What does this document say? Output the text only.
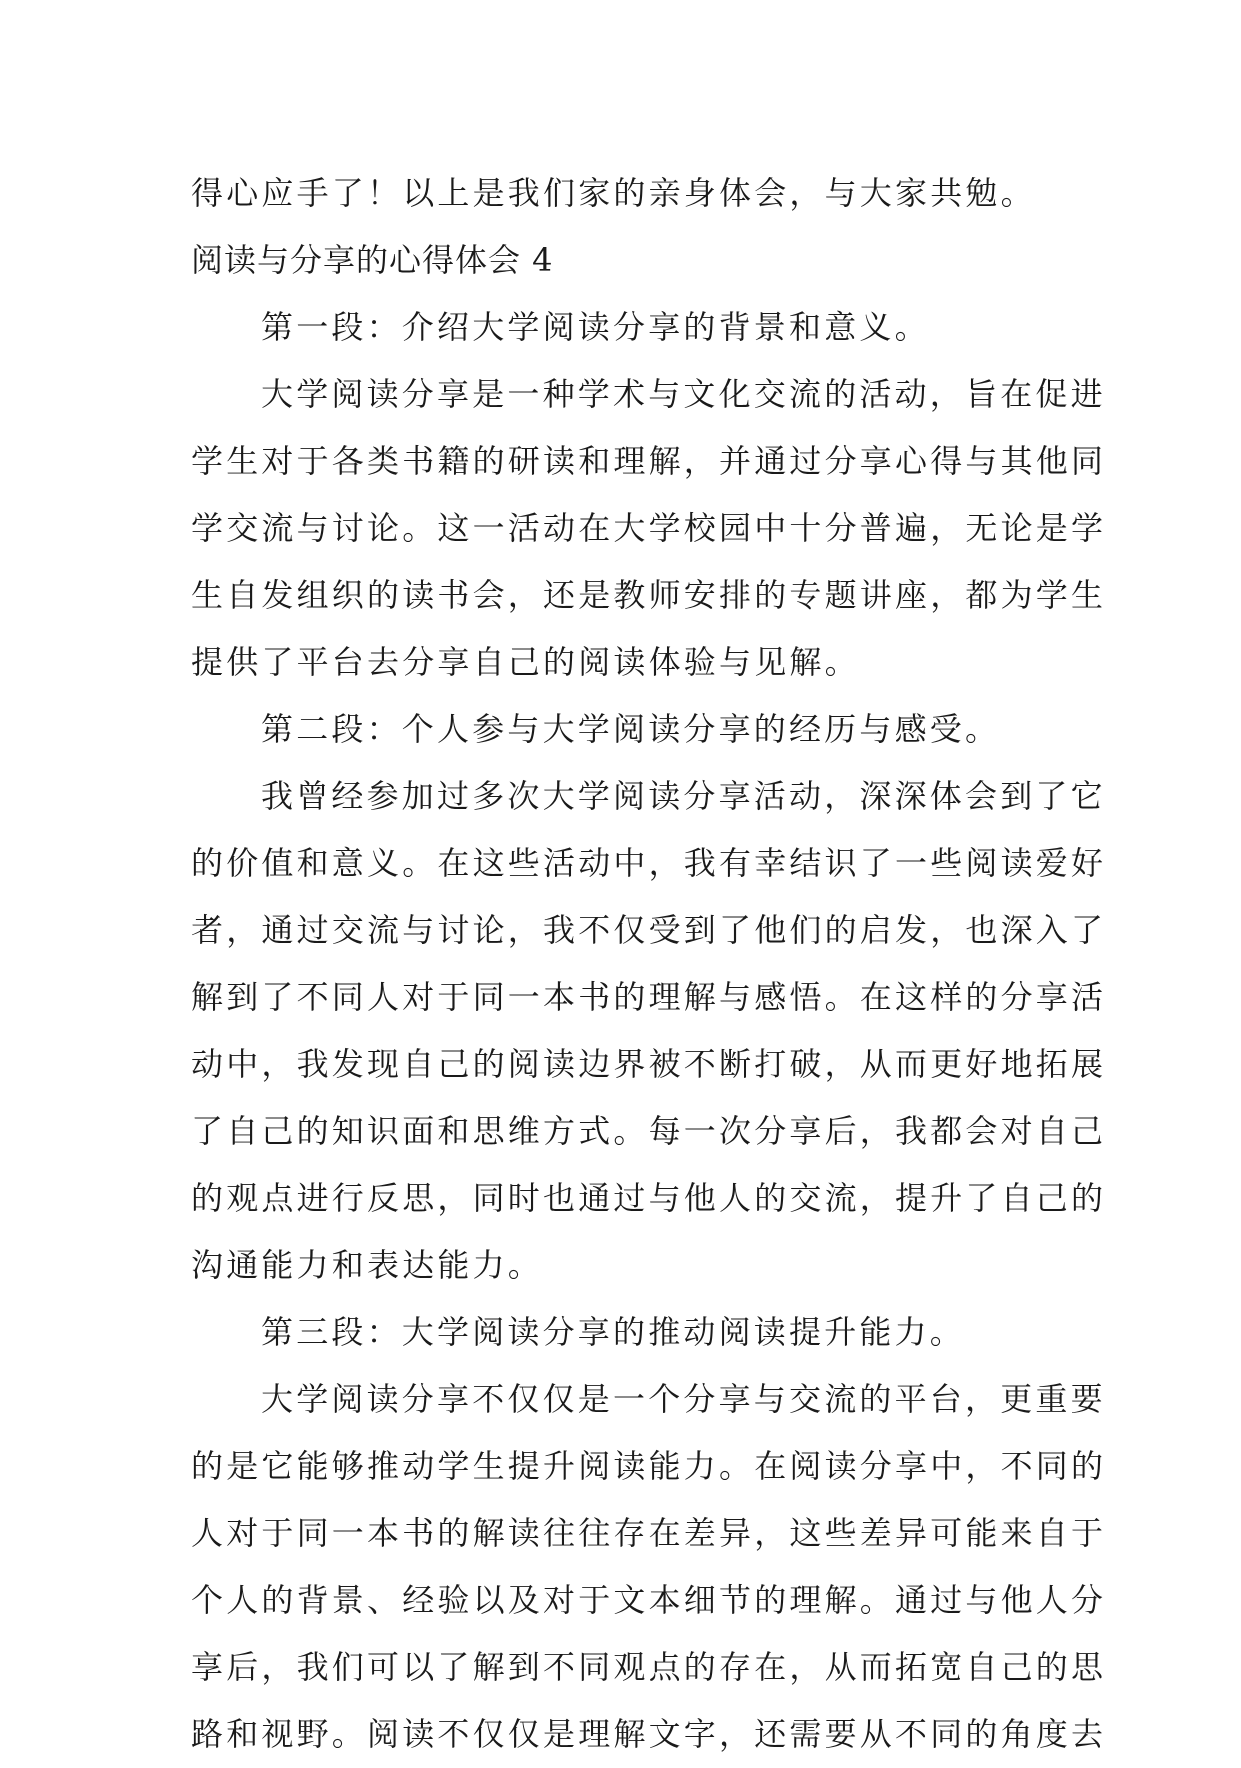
得心应手了！以上是我们家的亲身体会，与大家共勉。
阅读与分享的心得体会 4
第一段：介绍大学阅读分享的背景和意义。
大学阅读分享是一种学术与文化交流的活动，旨在促进
学生对于各类书籍的研读和理解，并通过分享心得与其他同
学交流与讨论。这一活动在大学校园中十分普遍，无论是学
生自发组织的读书会，还是教师安排的专题讲座，都为学生
提供了平台去分享自己的阅读体验与见解。
第二段：个人参与大学阅读分享的经历与感受。
我曾经参加过多次大学阅读分享活动，深深体会到了它
的价值和意义。在这些活动中，我有幸结识了一些阅读爱好
者，通过交流与讨论，我不仅受到了他们的启发，也深入了
解到了不同人对于同一本书的理解与感悟。在这样的分享活
动中，我发现自己的阅读边界被不断打破，从而更好地拓展
了自己的知识面和思维方式。每一次分享后，我都会对自己
的观点进行反思，同时也通过与他人的交流，提升了自己的
沟通能力和表达能力。
第三段：大学阅读分享的推动阅读提升能力。
大学阅读分享不仅仅是一个分享与交流的平台，更重要
的是它能够推动学生提升阅读能力。在阅读分享中，不同的
人对于同一本书的解读往往存在差异，这些差异可能来自于
个人的背景、经验以及对于文本细节的理解。通过与他人分
享后，我们可以了解到不同观点的存在，从而拓宽自己的思
路和视野。阅读不仅仅是理解文字，还需要从不同的角度去
